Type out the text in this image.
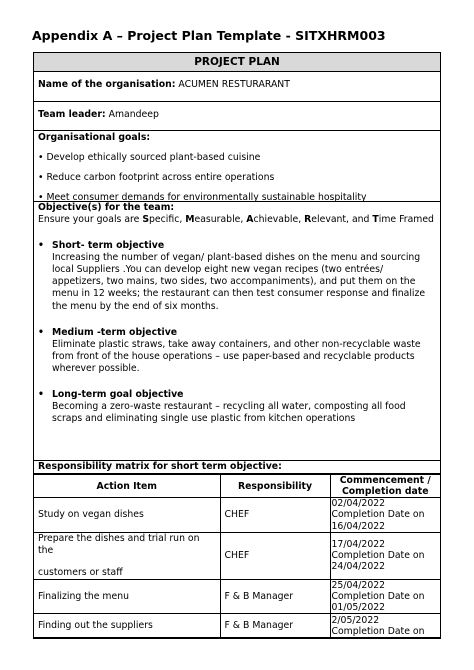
Appendix A – Project Plan Template - SITXHRM003
PROJECT PLAN
Name of the organisation: ACUMEN RESTURARANT
Team leader: Amandeep
Organisational goals:
• Develop ethically sourced plant-based cuisine
• Reduce carbon footprint across entire operations
• Meet consumer demands for environmentally sustainable hospitality
Objective(s) for the team:
Ensure your goals are Specific, Measurable, Achievable, Relevant, and Time Framed
• Short- term objective
Increasing the number of vegan/ plant-based dishes on the menu and sourcing local Suppliers .You can develop eight new vegan recipes (two entrées/ appetizers, two mains, two sides, two accompaniments), and put them on the menu in 12 weeks; the restaurant can then test consumer response and finalize the menu by the end of six months.
• Medium -term objective
Eliminate plastic straws, take away containers, and other non-recyclable waste from front of the house operations – use paper-based and recyclable products wherever possible.
• Long-term goal objective
Becoming a zero-waste restaurant – recycling all water, composting all food scraps and eliminating single use plastic from kitchen operations
Responsibility matrix for short term objective:
Action Item	Responsibility	Commencement /
Completion date
Study on vegan dishes	CHEF	02/04/2022
Completion Date on
16/04/2022
Prepare the dishes and trial run on the

customers or staff	CHEF	17/04/2022
Completion Date on
24/04/2022
Finalizing the menu	F & B Manager	25/04/2022
Completion Date on
01/05/2022
Finding out the suppliers	F & B Manager	2/05/2022
Completion Date on
